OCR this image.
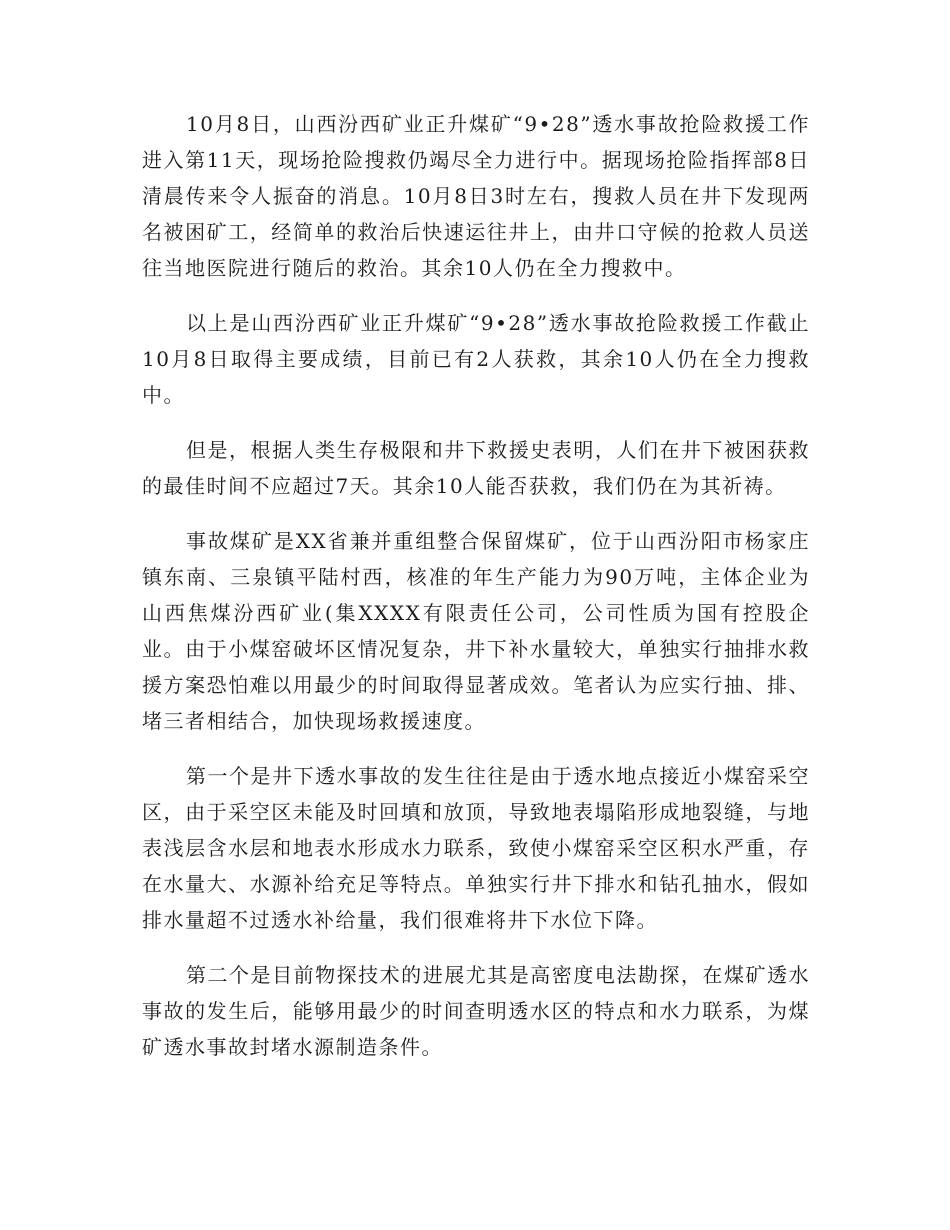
10月8日，山西汾西矿业正升煤矿“9•28”透水事故抢险救援工作进入第11天，现场抢险搜救仍竭尽全力进行中。据现场抢险指挥部8日清晨传来令人振奋的消息。10月8日3时左右，搜救人员在井下发现两名被困矿工，经简单的救治后快速运往井上，由井口守候的抢救人员送往当地医院进行随后的救治。其余10人仍在全力搜救中。

以上是山西汾西矿业正升煤矿“9•28”透水事故抢险救援工作截止10月8日取得主要成绩，目前已有2人获救，其余10人仍在全力搜救中。

但是，根据人类生存极限和井下救援史表明，人们在井下被困获救的最佳时间不应超过7天。其余10人能否获救，我们仍在为其祈祷。

事故煤矿是XX省兼并重组整合保留煤矿，位于山西汾阳市杨家庄镇东南、三泉镇平陆村西，核准的年生产能力为90万吨，主体企业为山西焦煤汾西矿业(集XXXX有限责任公司，公司性质为国有控股企业。由于小煤窑破坏区情况复杂，井下补水量较大，单独实行抽排水救援方案恐怕难以用最少的时间取得显著成效。笔者认为应实行抽、排、堵三者相结合，加快现场救援速度。

第一个是井下透水事故的发生往往是由于透水地点接近小煤窑采空区，由于采空区未能及时回填和放顶，导致地表塌陷形成地裂缝，与地表浅层含水层和地表水形成水力联系，致使小煤窑采空区积水严重，存在水量大、水源补给充足等特点。单独实行井下排水和钻孔抽水，假如排水量超不过透水补给量，我们很难将井下水位下降。

第二个是目前物探技术的进展尤其是高密度电法勘探，在煤矿透水事故的发生后，能够用最少的时间查明透水区的特点和水力联系，为煤矿透水事故封堵水源制造条件。
